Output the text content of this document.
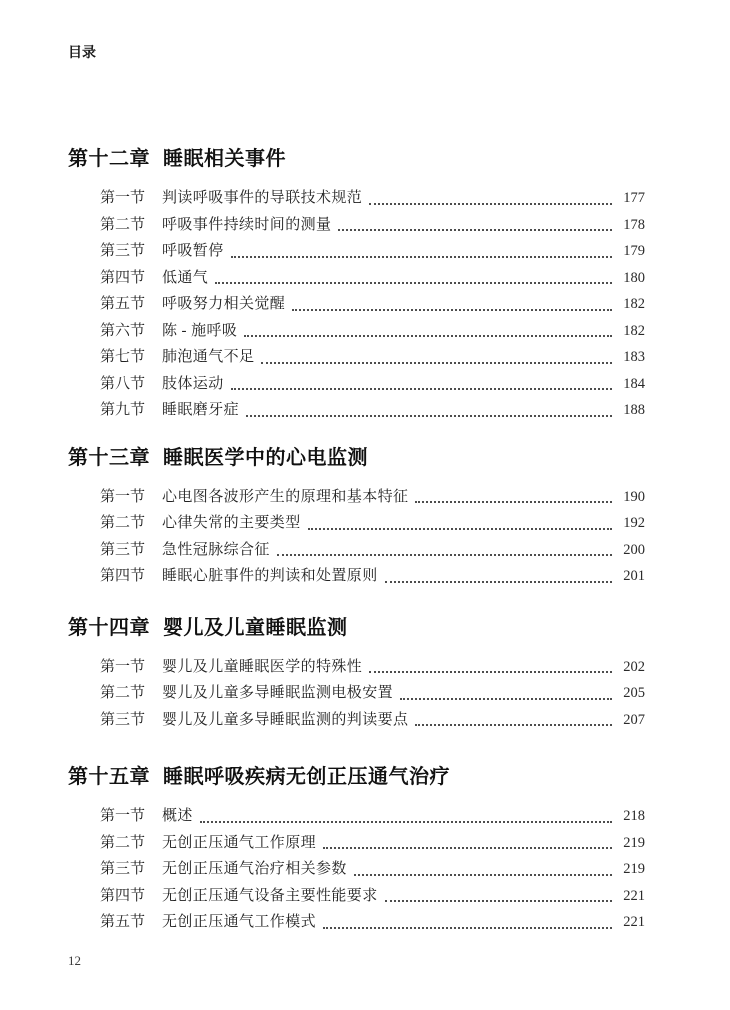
目录
第十二章 睡眠相关事件
第一节 判读呼吸事件的导联技术规范	177
第二节 呼吸事件持续时间的测量	178
第三节 呼吸暂停	179
第四节 低通气	180
第五节 呼吸努力相关觉醒	182
第六节 陈 - 施呼吸	182
第七节 肺泡通气不足	183
第八节 肢体运动	184
第九节 睡眠磨牙症	188
第十三章 睡眠医学中的心电监测
第一节 心电图各波形产生的原理和基本特征	190
第二节 心律失常的主要类型	192
第三节 急性冠脉综合征	200
第四节 睡眠心脏事件的判读和处置原则	201
第十四章 婴儿及儿童睡眠监测
第一节 婴儿及儿童睡眠医学的特殊性	202
第二节 婴儿及儿童多导睡眠监测电极安置	205
第三节 婴儿及儿童多导睡眠监测的判读要点	207
第十五章 睡眠呼吸疾病无创正压通气治疗
第一节 概述	218
第二节 无创正压通气工作原理	219
第三节 无创正压通气治疗相关参数	219
第四节 无创正压通气设备主要性能要求	221
第五节 无创正压通气工作模式	221
12
